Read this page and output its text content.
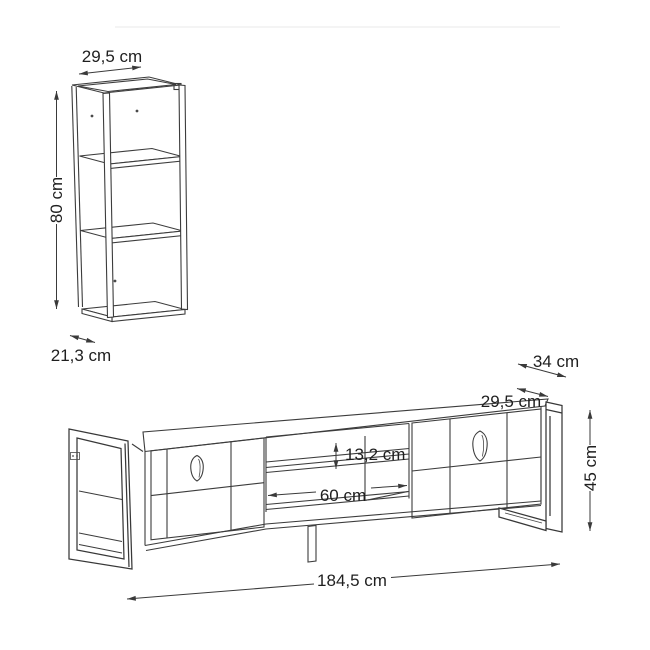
29,5 cm
80 cm
21,3 cm	34 cm
29,5 cm
45 cm
13,2 cm
60 cm
184,5 cm
